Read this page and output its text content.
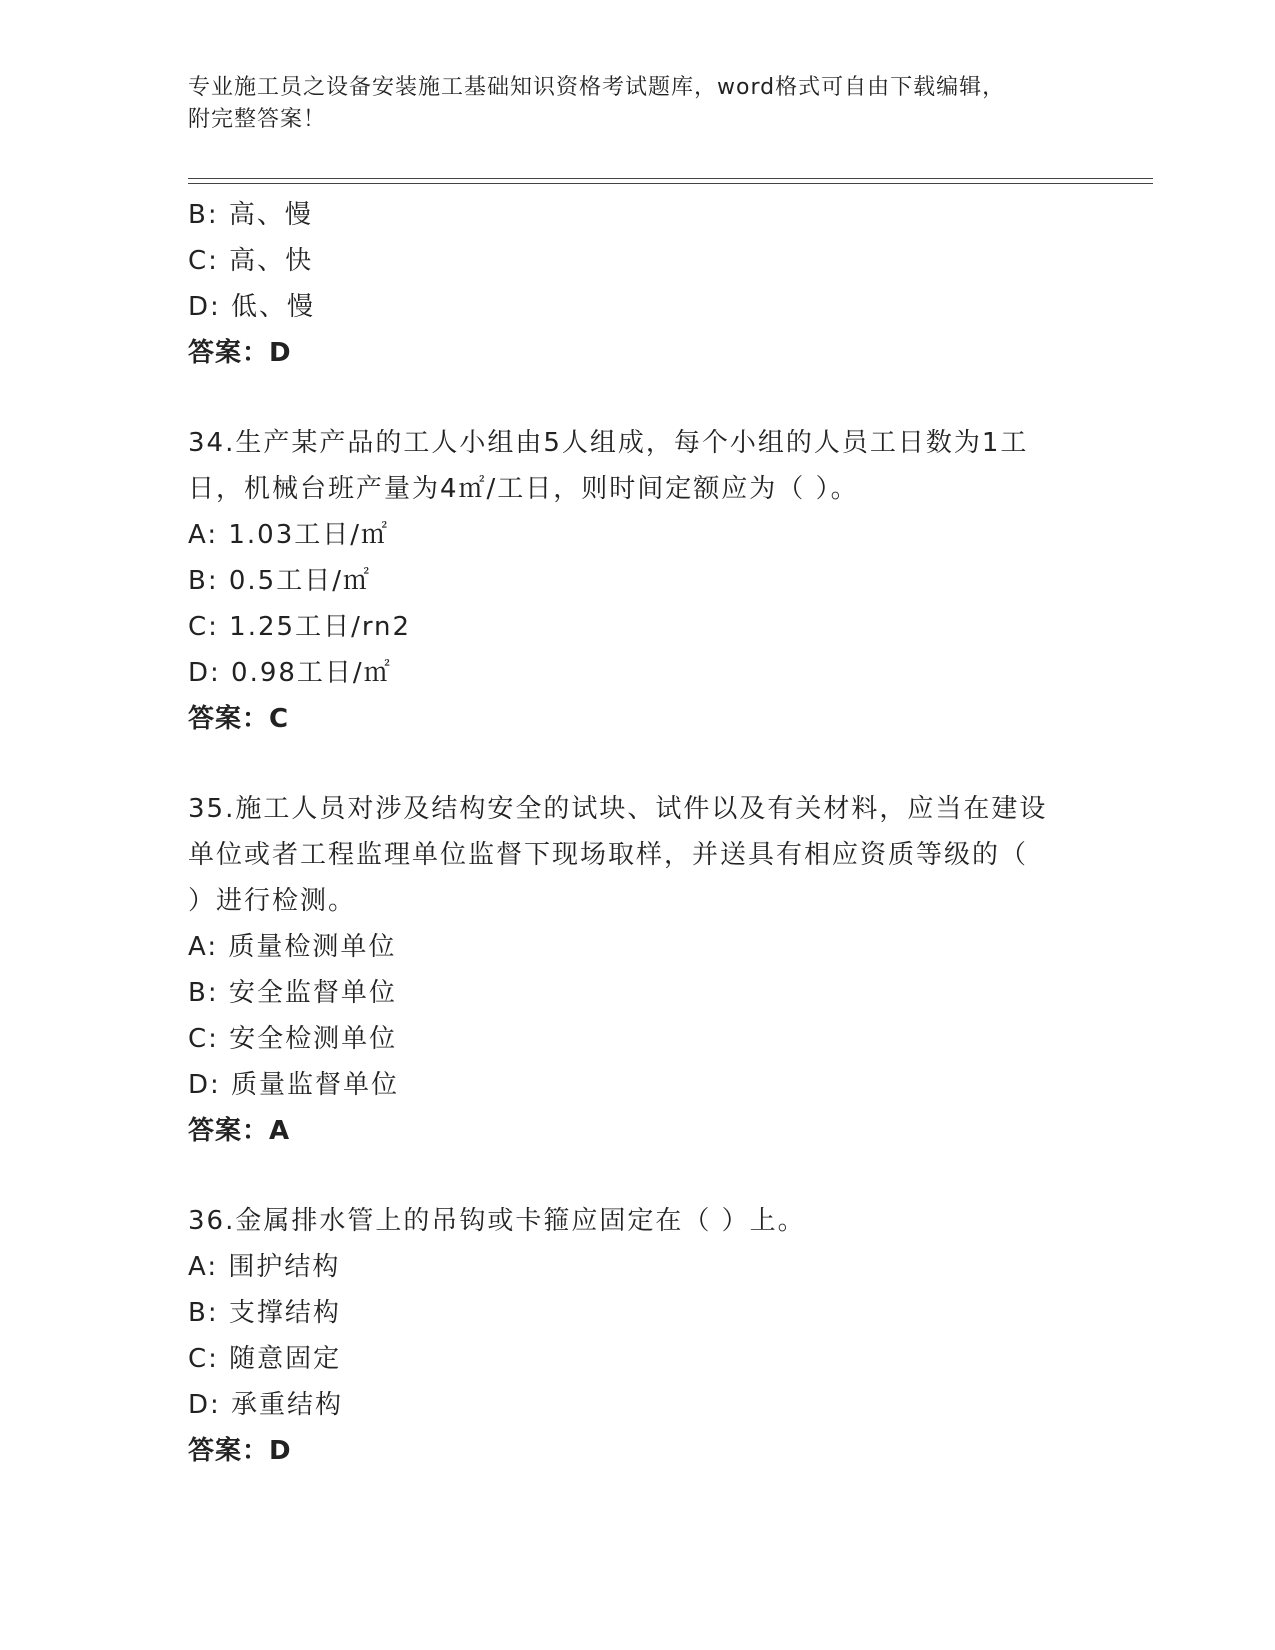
专业施工员之设备安装施工基础知识资格考试题库，word格式可自由下载编辑，
附完整答案！
B: 高、慢
C: 高、快
D: 低、慢
答案：D
34.生产某产品的工人小组由5人组成，每个小组的人员工日数为1工
日，机械台班产量为4㎡/工日，则时间定额应为（ ）。
A: 1.03工日/㎡
B: 0.5工日/㎡
C: 1.25工日/rn2
D: 0.98工日/㎡
答案：C
35.施工人员对涉及结构安全的试块、试件以及有关材料，应当在建设
单位或者工程监理单位监督下现场取样，并送具有相应资质等级的（
）进行检测。
A: 质量检测单位
B: 安全监督单位
C: 安全检测单位
D: 质量监督单位
答案：A
36.金属排水管上的吊钩或卡箍应固定在（ ）上。
A: 围护结构
B: 支撑结构
C: 随意固定
D: 承重结构
答案：D
